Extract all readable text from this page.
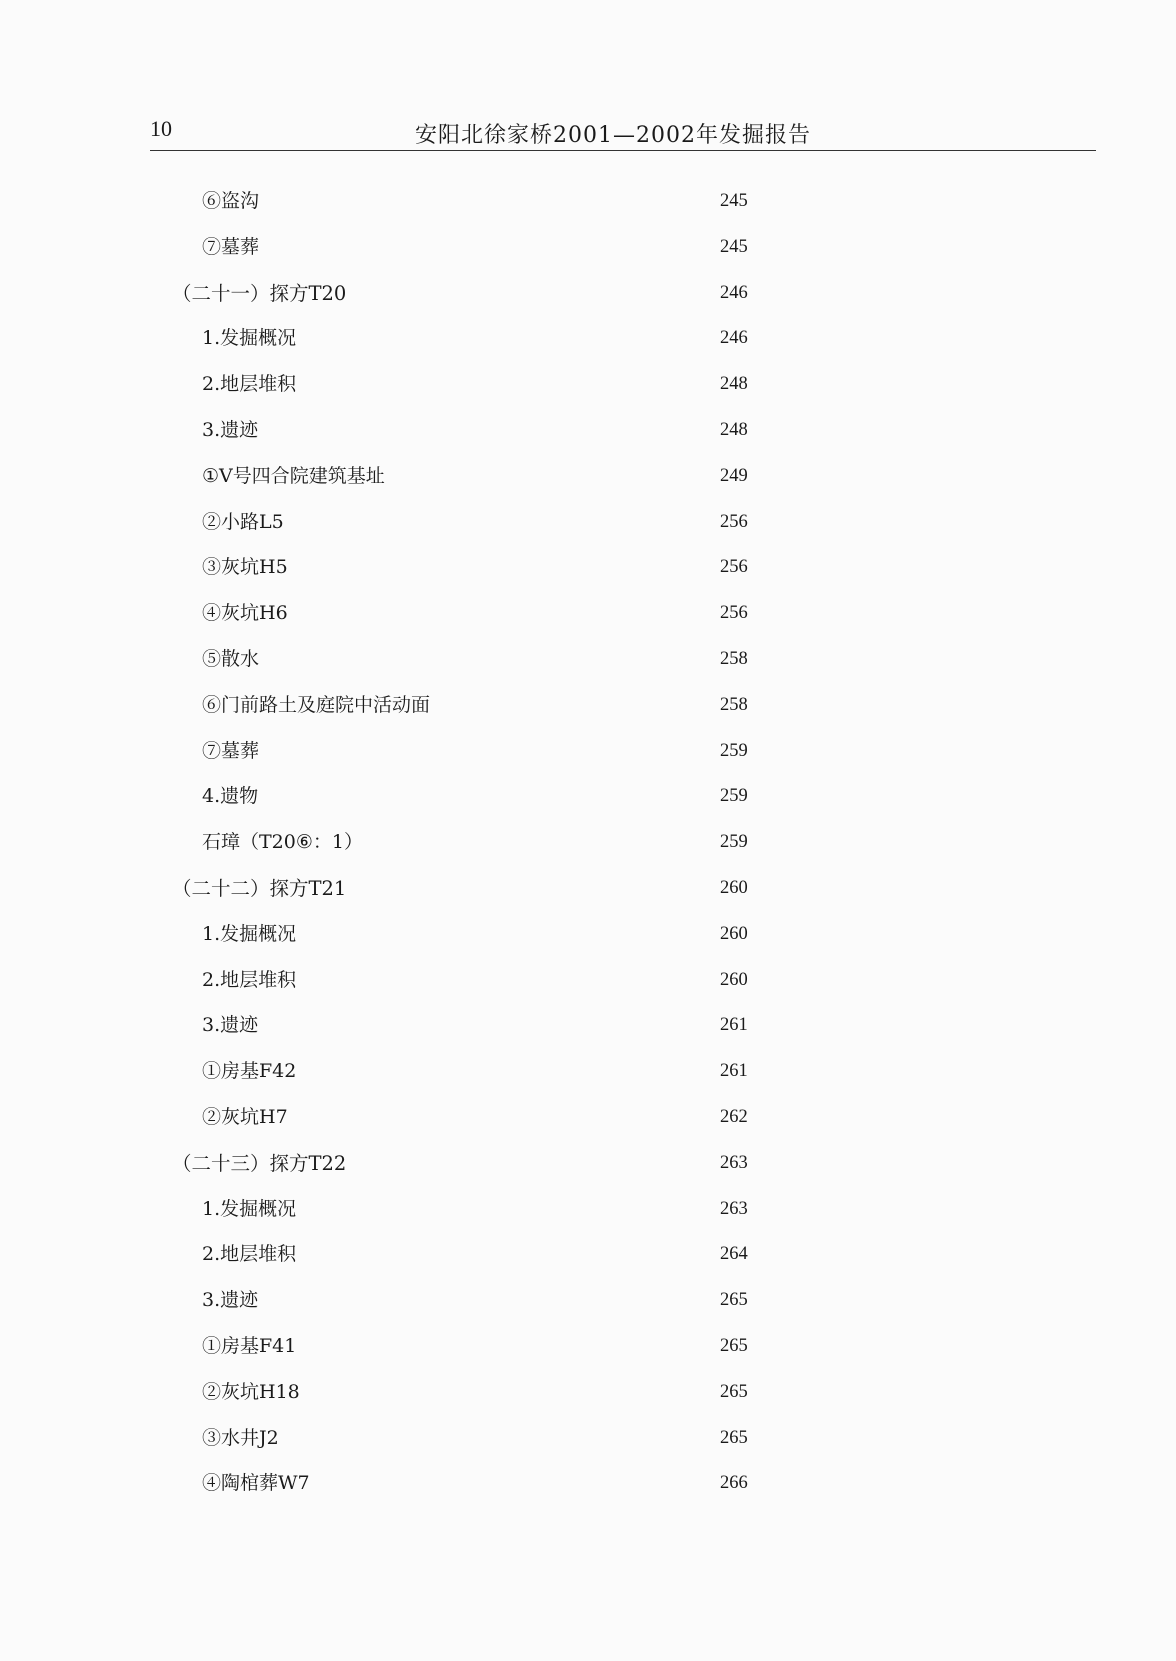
10	安阳北徐家桥2001—2002年发掘报告
⑥盗沟	245
⑦墓葬	245
（二十一）探方T20	246
1.发掘概况	246
2.地层堆积	248
3.遗迹	248
①Ⅴ号四合院建筑基址	249
②小路L5	256
③灰坑H5	256
④灰坑H6	256
⑤散水	258
⑥门前路土及庭院中活动面	258
⑦墓葬	259
4.遗物	259
石璋（T20⑥：1）	259
（二十二）探方T21	260
1.发掘概况	260
2.地层堆积	260
3.遗迹	261
①房基F42	261
②灰坑H7	262
（二十三）探方T22	263
1.发掘概况	263
2.地层堆积	264
3.遗迹	265
①房基F41	265
②灰坑H18	265
③水井J2	265
④陶棺葬W7	266
